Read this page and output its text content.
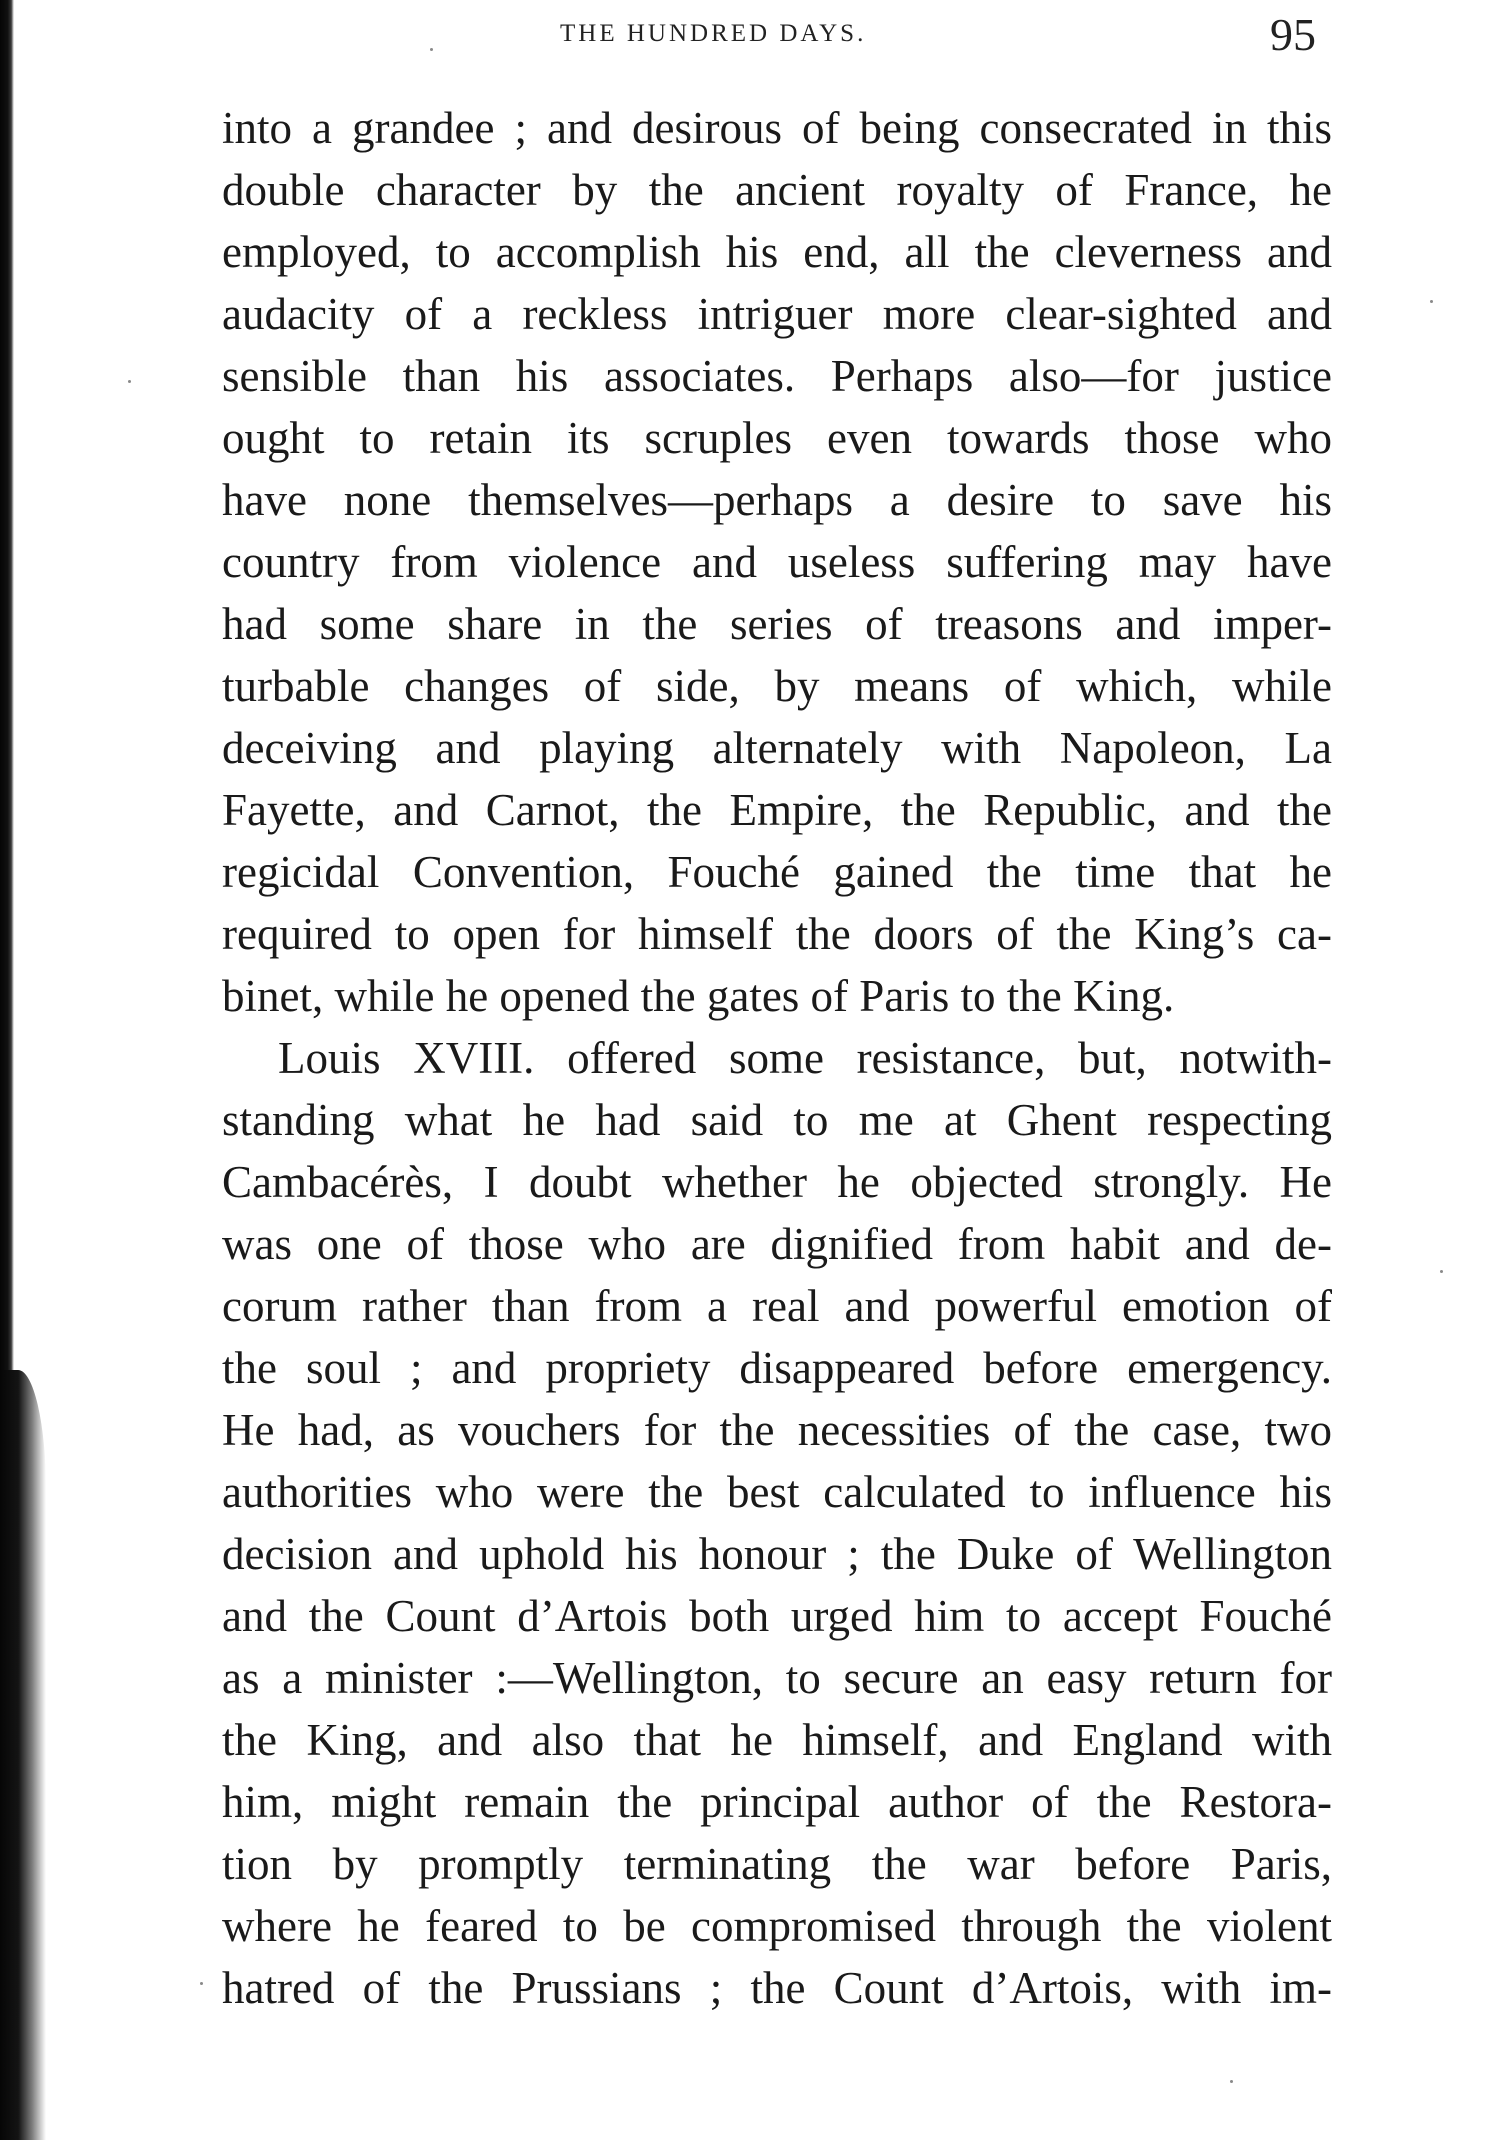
THE HUNDRED DAYS.	95
into a grandee ; and desirous of being consecrated in this
double character by the ancient royalty of France, he
employed, to accomplish his end, all the cleverness and
audacity of a reckless intriguer more clear-sighted and
sensible than his associates. Perhaps also—for justice
ought to retain its scruples even towards those who
have none themselves—perhaps a desire to save his
country from violence and useless suffering may have
had some share in the series of treasons and imper-
turbable changes of side, by means of which, while
deceiving and playing alternately with Napoleon, La
Fayette, and Carnot, the Empire, the Republic, and the
regicidal Convention, Fouché gained the time that he
required to open for himself the doors of the King’s ca-
binet, while he opened the gates of Paris to the King.
Louis XVIII. offered some resistance, but, notwith-
standing what he had said to me at Ghent respecting
Cambacérès, I doubt whether he objected strongly. He
was one of those who are dignified from habit and de-
corum rather than from a real and powerful emotion of
the soul ; and propriety disappeared before emergency.
He had, as vouchers for the necessities of the case, two
authorities who were the best calculated to influence his
decision and uphold his honour ; the Duke of Wellington
and the Count d’Artois both urged him to accept Fouché
as a minister :—Wellington, to secure an easy return for
the King, and also that he himself, and England with
him, might remain the principal author of the Restora-
tion by promptly terminating the war before Paris,
where he feared to be compromised through the violent
hatred of the Prussians ; the Count d’Artois, with im-
